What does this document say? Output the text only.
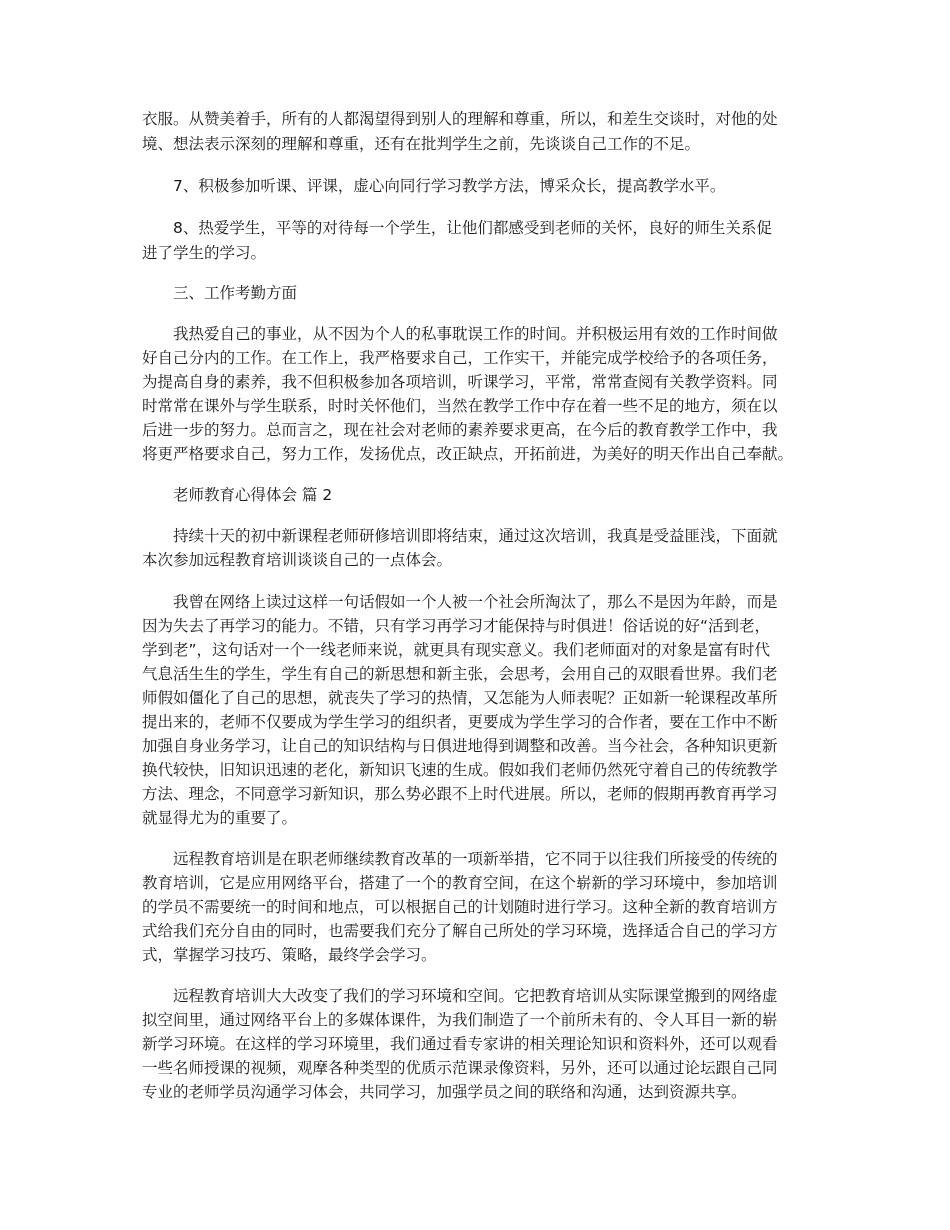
衣服。从赞美着手，所有的人都渴望得到别人的理解和尊重，所以，和差生交谈时，对他的处
境、想法表示深刻的理解和尊重，还有在批判学生之前，先谈谈自己工作的不足。
7、积极参加听课、评课，虚心向同行学习教学方法，博采众长，提高教学水平。
8、热爱学生，平等的对待每一个学生，让他们都感受到老师的关怀，良好的师生关系促
进了学生的学习。
三、工作考勤方面
我热爱自己的事业，从不因为个人的私事耽误工作的时间。并积极运用有效的工作时间做
好自己分内的工作。在工作上，我严格要求自己，工作实干，并能完成学校给予的各项任务，
为提高自身的素养，我不但积极参加各项培训，听课学习，平常，常常查阅有关教学资料。同
时常常在课外与学生联系，时时关怀他们，当然在教学工作中存在着一些不足的地方，须在以
后进一步的努力。总而言之，现在社会对老师的素养要求更高，在今后的教育教学工作中，我
将更严格要求自己，努力工作，发扬优点，改正缺点，开拓前进，为美好的明天作出自己奉献。
老师教育心得体会 篇 2
持续十天的初中新课程老师研修培训即将结束，通过这次培训，我真是受益匪浅，下面就
本次参加远程教育培训谈谈自己的一点体会。
我曾在网络上读过这样一句话假如一个人被一个社会所淘汰了，那么不是因为年龄，而是
因为失去了再学习的能力。不错，只有学习再学习才能保持与时俱进！俗话说的好“活到老，
学到老”，这句话对一个一线老师来说，就更具有现实意义。我们老师面对的对象是富有时代
气息活生生的学生，学生有自己的新思想和新主张，会思考，会用自己的双眼看世界。我们老
师假如僵化了自己的思想，就丧失了学习的热情，又怎能为人师表呢？正如新一轮课程改革所
提出来的，老师不仅要成为学生学习的组织者，更要成为学生学习的合作者，要在工作中不断
加强自身业务学习，让自己的知识结构与日俱进地得到调整和改善。当今社会，各种知识更新
换代较快，旧知识迅速的老化，新知识飞速的生成。假如我们老师仍然死守着自己的传统教学
方法、理念，不同意学习新知识，那么势必跟不上时代进展。所以，老师的假期再教育再学习
就显得尤为的重要了。
远程教育培训是在职老师继续教育改革的一项新举措，它不同于以往我们所接受的传统的
教育培训，它是应用网络平台，搭建了一个的教育空间，在这个崭新的学习环境中，参加培训
的学员不需要统一的时间和地点，可以根据自己的计划随时进行学习。这种全新的教育培训方
式给我们充分自由的同时，也需要我们充分了解自己所处的学习环境，选择适合自己的学习方
式，掌握学习技巧、策略，最终学会学习。
远程教育培训大大改变了我们的学习环境和空间。它把教育培训从实际课堂搬到的网络虚
拟空间里，通过网络平台上的多媒体课件，为我们制造了一个前所未有的、令人耳目一新的崭
新学习环境。在这样的学习环境里，我们通过看专家讲的相关理论知识和资料外，还可以观看
一些名师授课的视频，观摩各种类型的优质示范课录像资料，另外，还可以通过论坛跟自己同
专业的老师学员沟通学习体会，共同学习，加强学员之间的联络和沟通，达到资源共享。
